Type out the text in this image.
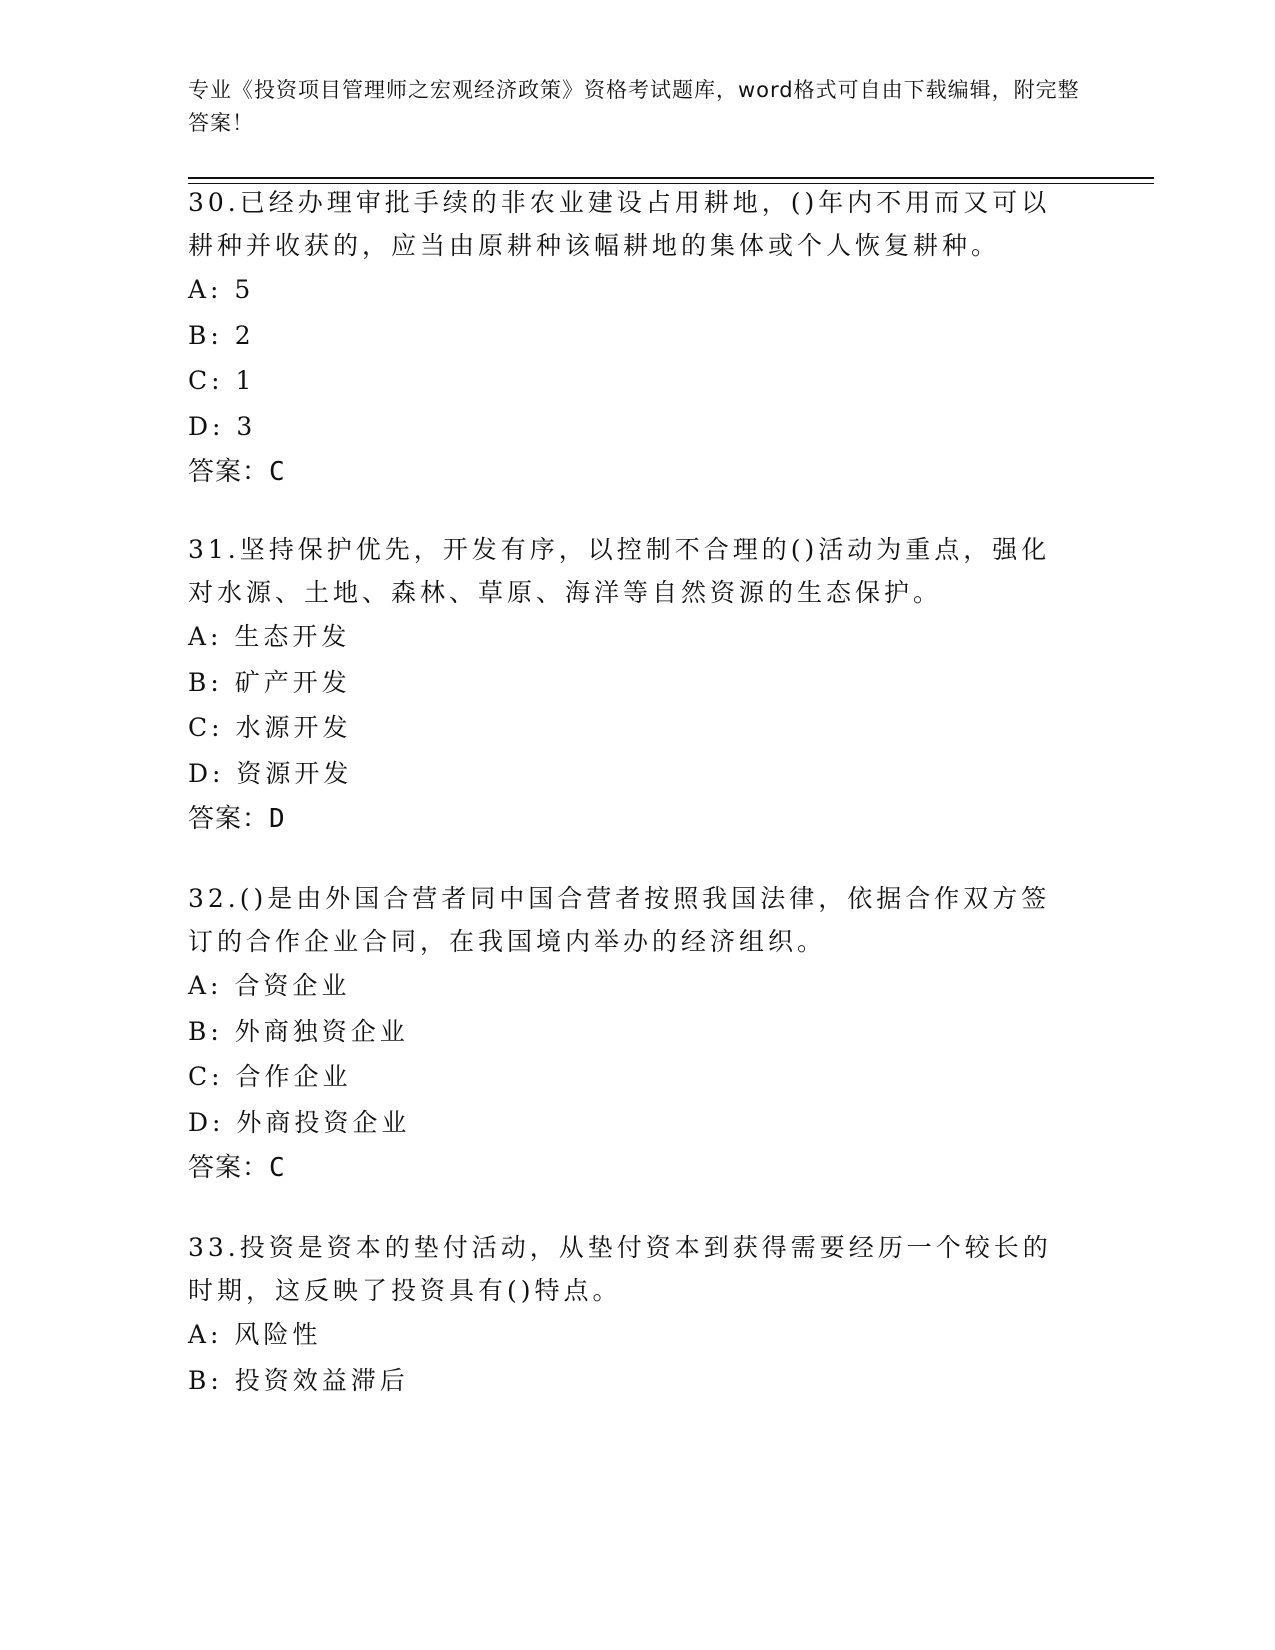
专业《投资项目管理师之宏观经济政策》资格考试题库，word格式可自由下载编辑，附完整答案！

30.已经办理审批手续的非农业建设占用耕地，()年内不用而又可以耕种并收获的，应当由原耕种该幅耕地的集体或个人恢复耕种。

A: 5

B: 2

C: 1

D: 3

答案：C

31.坚持保护优先，开发有序，以控制不合理的()活动为重点，强化对水源、土地、森林、草原、海洋等自然资源的生态保护。

A: 生态开发

B: 矿产开发

C: 水源开发

D: 资源开发

答案：D

32.()是由外国合营者同中国合营者按照我国法律，依据合作双方签订的合作企业合同，在我国境内举办的经济组织。

A: 合资企业

B: 外商独资企业

C: 合作企业

D: 外商投资企业

答案：C

33.投资是资本的垫付活动，从垫付资本到获得需要经历一个较长的时期，这反映了投资具有()特点。

A: 风险性

B: 投资效益滞后
